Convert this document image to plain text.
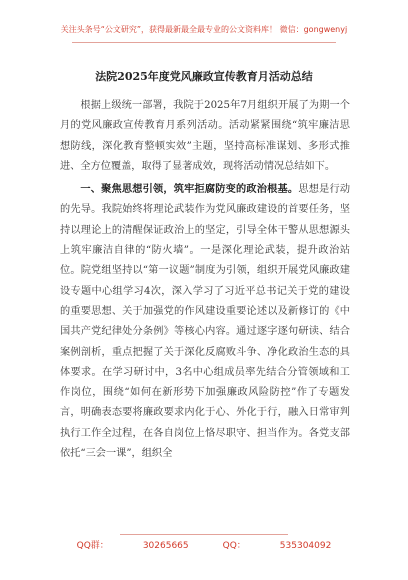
关注头条号“公文研究”，获得最新最全最专业的公文资料库！ 微信：gongwenyj
法院2025年度党风廉政宣传教育月活动总结

根据上级统一部署，我院于2025年7月组织开展了为期一个月的党风廉政宣传教育月系列活动。活动紧紧围绕“筑牢廉洁思想防线，深化教育整顿实效”主题，坚持高标准谋划、多形式推进、全方位覆盖，取得了显著成效，现将活动情况总结如下。

一、聚焦思想引领，筑牢拒腐防变的政治根基。思想是行动的先导。我院始终将理论武装作为党风廉政建设的首要任务，坚持以理论上的清醒保证政治上的坚定，引导全体干警从思想源头上筑牢廉洁自律的“防火墙”。一是深化理论武装，提升政治站位。院党组坚持以“第一议题”制度为引领，组织开展党风廉政建设专题中心组学习4次，深入学习了习近平总书记关于党的建设的重要思想、关于加强党的作风建设重要论述以及新修订的《中国共产党纪律处分条例》等核心内容。通过逐字逐句研读、结合案例剖析，重点把握了关于深化反腐败斗争、净化政治生态的具体要求。在学习研讨中，3名中心组成员率先结合分管领域和工作岗位，围绕“如何在新形势下加强廉政风险防控”作了专题发言，明确表态要将廉政要求内化于心、外化于行，融入日常审判执行工作全过程，在各自岗位上恪尽职守、担当作为。各党支部依托“三会一课”，组织全

QQ群：	30265665	QQ：	535304092
